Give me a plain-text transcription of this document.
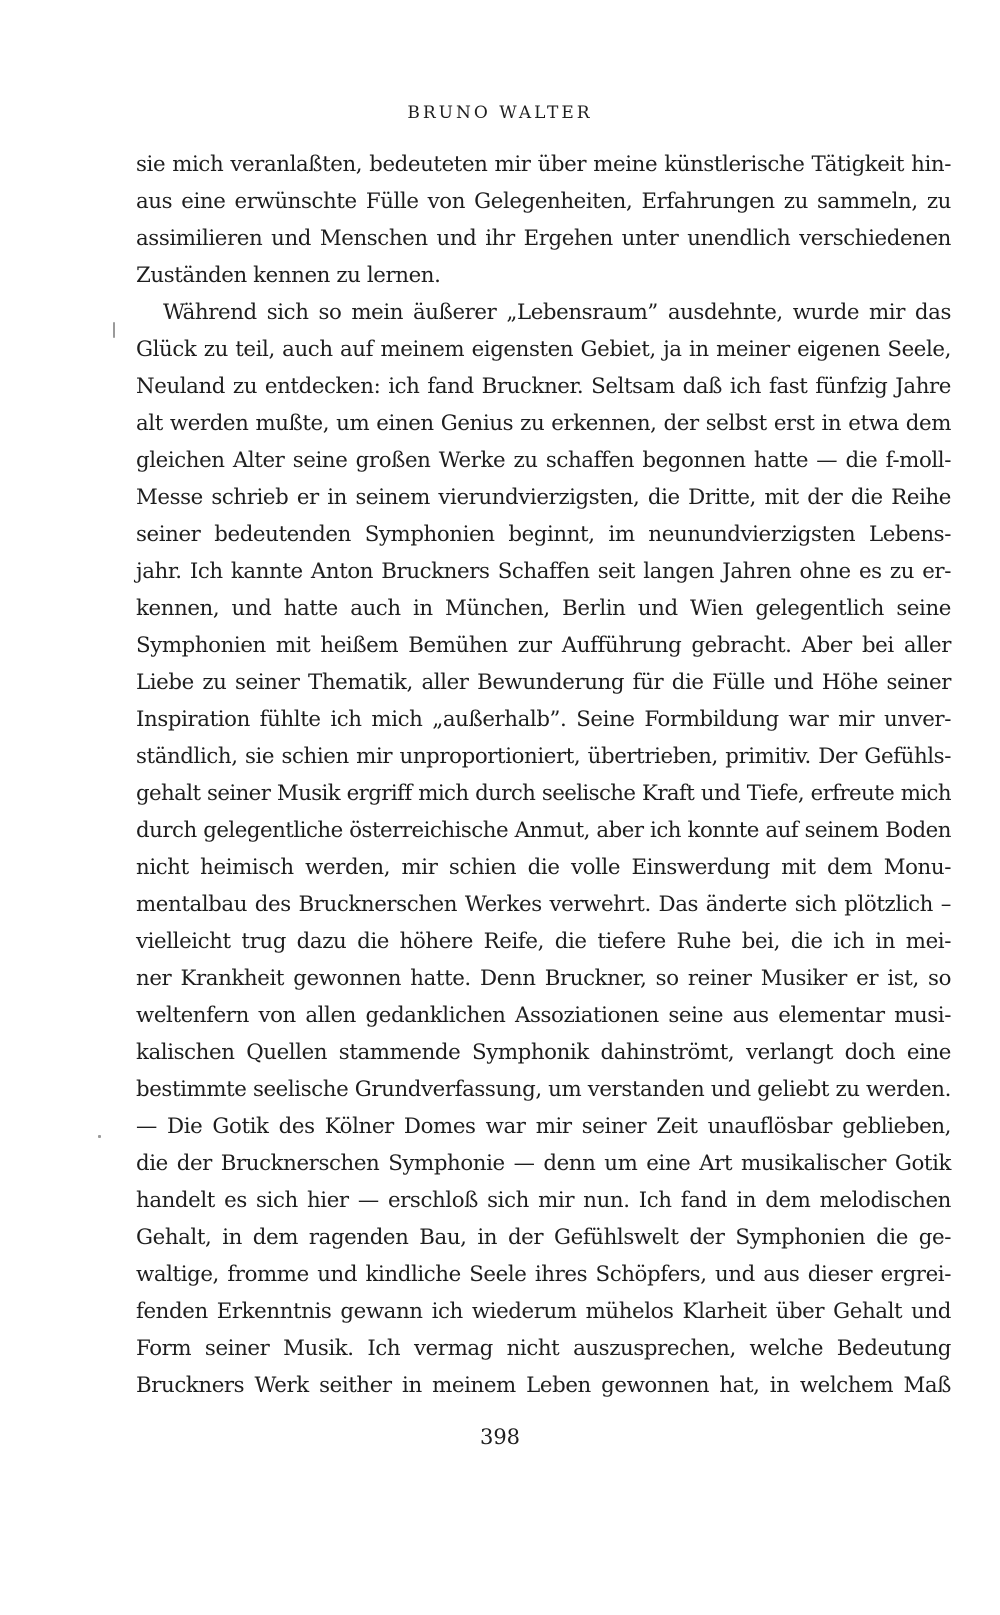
BRUNO WALTER
sie mich veranlaßten, bedeuteten mir über meine künstlerische Tätigkeit hin-
aus eine erwünschte Fülle von Gelegenheiten, Erfahrungen zu sammeln, zu
assimilieren und Menschen und ihr Ergehen unter unendlich verschiedenen
Zuständen kennen zu lernen.
Während sich so mein äußerer „Lebensraum” ausdehnte, wurde mir das
Glück zu teil, auch auf meinem eigensten Gebiet, ja in meiner eigenen Seele,
Neuland zu entdecken: ich fand Bruckner. Seltsam daß ich fast fünfzig Jahre
alt werden mußte, um einen Genius zu erkennen, der selbst erst in etwa dem
gleichen Alter seine großen Werke zu schaffen begonnen hatte — die f-moll-
Messe schrieb er in seinem vierundvierzigsten, die Dritte, mit der die Reihe
seiner bedeutenden Symphonien beginnt, im neunundvierzigsten Lebens-
jahr. Ich kannte Anton Bruckners Schaffen seit langen Jahren ohne es zu er-
kennen, und hatte auch in München, Berlin und Wien gelegentlich seine
Symphonien mit heißem Bemühen zur Aufführung gebracht. Aber bei aller
Liebe zu seiner Thematik, aller Bewunderung für die Fülle und Höhe seiner
Inspiration fühlte ich mich „außerhalb”. Seine Formbildung war mir unver-
ständlich, sie schien mir unproportioniert, übertrieben, primitiv. Der Gefühls-
gehalt seiner Musik ergriff mich durch seelische Kraft und Tiefe, erfreute mich
durch gelegentliche österreichische Anmut, aber ich konnte auf seinem Boden
nicht heimisch werden, mir schien die volle Einswerdung mit dem Monu-
mentalbau des Brucknerschen Werkes verwehrt. Das änderte sich plötzlich –
vielleicht trug dazu die höhere Reife, die tiefere Ruhe bei, die ich in mei-
ner Krankheit gewonnen hatte. Denn Bruckner, so reiner Musiker er ist, so
weltenfern von allen gedanklichen Assoziationen seine aus elementar musi-
kalischen Quellen stammende Symphonik dahinströmt, verlangt doch eine
bestimmte seelische Grundverfassung, um verstanden und geliebt zu werden.
— Die Gotik des Kölner Domes war mir seiner Zeit unauflösbar geblieben,
die der Brucknerschen Symphonie — denn um eine Art musikalischer Gotik
handelt es sich hier — erschloß sich mir nun. Ich fand in dem melodischen
Gehalt, in dem ragenden Bau, in der Gefühlswelt der Symphonien die ge-
waltige, fromme und kindliche Seele ihres Schöpfers, und aus dieser ergrei-
fenden Erkenntnis gewann ich wiederum mühelos Klarheit über Gehalt und
Form seiner Musik. Ich vermag nicht auszusprechen, welche Bedeutung
Bruckners Werk seither in meinem Leben gewonnen hat, in welchem Maß
398
